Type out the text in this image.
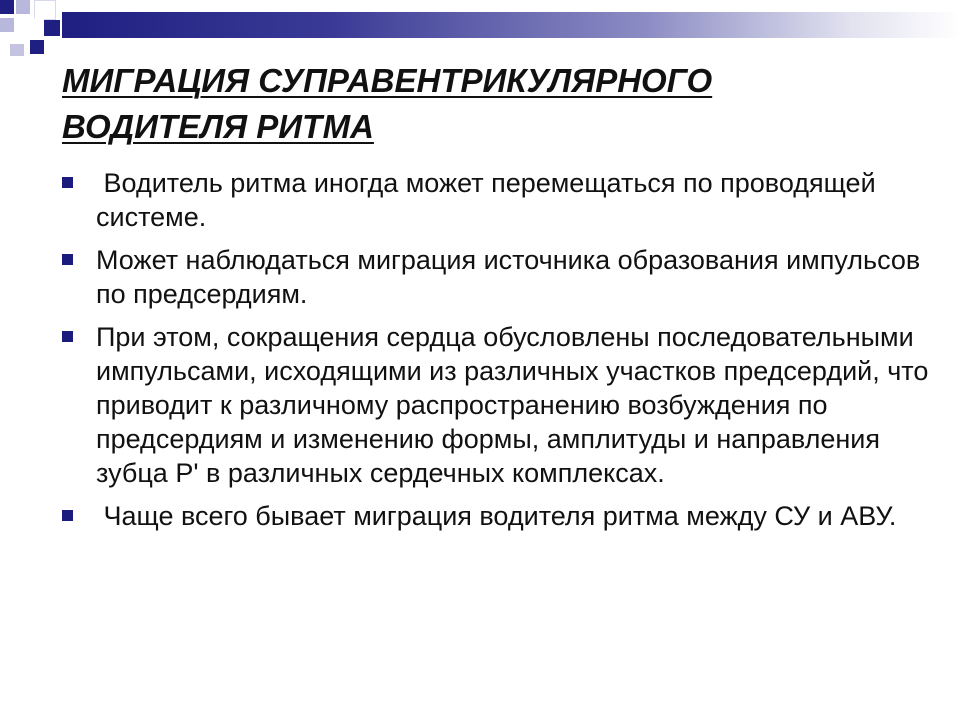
МИГРАЦИЯ СУПРАВЕНТРИКУЛЯРНОГО
ВОДИТЕЛЯ РИТМА
Водитель ритма иногда может перемещаться по проводящей системе.
Может наблюдаться миграция источника образования импульсов по предсердиям.
При этом, сокращения сердца обусловлены последовательными импульсами, исходящими из различных участков предсердий, что приводит к различному распространению возбуждения по предсердиям и изменению формы, амплитуды и направления зубца Р' в различных сердечных комплексах.
Чаще всего бывает миграция водителя ритма между СУ и АВУ.
